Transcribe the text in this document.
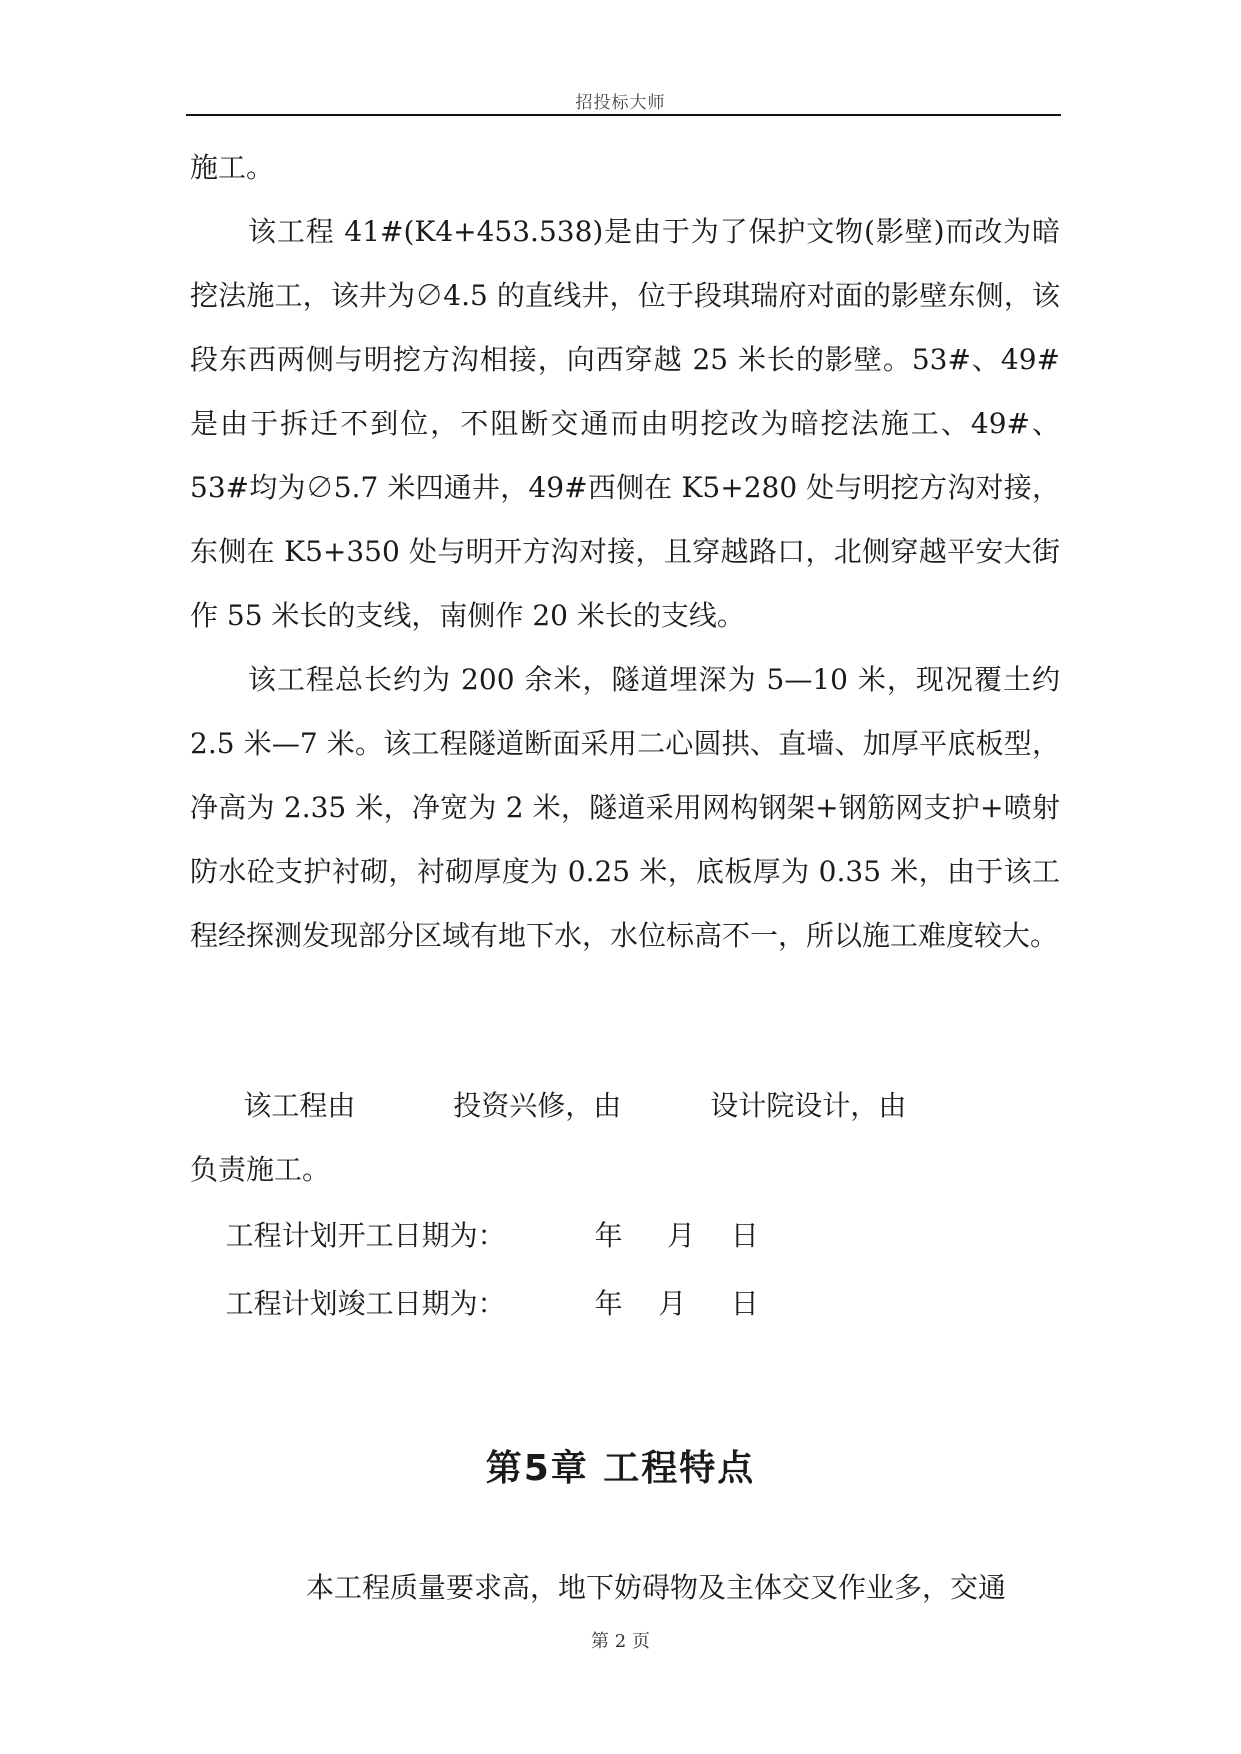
招投标大师

施工。

该工程 41#(K4+453.538)是由于为了保护文物(影壁)而改为暗挖法施工，该井为∅4.5 的直线井，位于段琪瑞府对面的影壁东侧，该段东西两侧与明挖方沟相接，向西穿越 25 米长的影壁。53#、49#是由于拆迁不到位，不阻断交通而由明挖改为暗挖法施工、49#、53#均为∅5.7 米四通井，49#西侧在 K5+280 处与明挖方沟对接，东侧在 K5+350 处与明开方沟对接，且穿越路口，北侧穿越平安大街作 55 米长的支线，南侧作 20 米长的支线。

该工程总长约为 200 余米，隧道埋深为 5—10 米，现况覆土约 2.5 米—7 米。该工程隧道断面采用二心圆拱、直墙、加厚平底板型，净高为 2.35 米，净宽为 2 米，隧道采用网构钢架+钢筋网支护+喷射防水砼支护衬砌，衬砌厚度为 0.25 米，底板厚为 0.35 米，由于该工程经探测发现部分区域有地下水，水位标高不一，所以施工难度较大。

该工程由           投资兴修，由          设计院设计，由
负责施工。
工程计划开工日期为：          年     月    日
工程计划竣工日期为：          年    月     日
第5章 工程特点
本工程质量要求高，地下妨碍物及主体交叉作业多，交通
第 2 页
